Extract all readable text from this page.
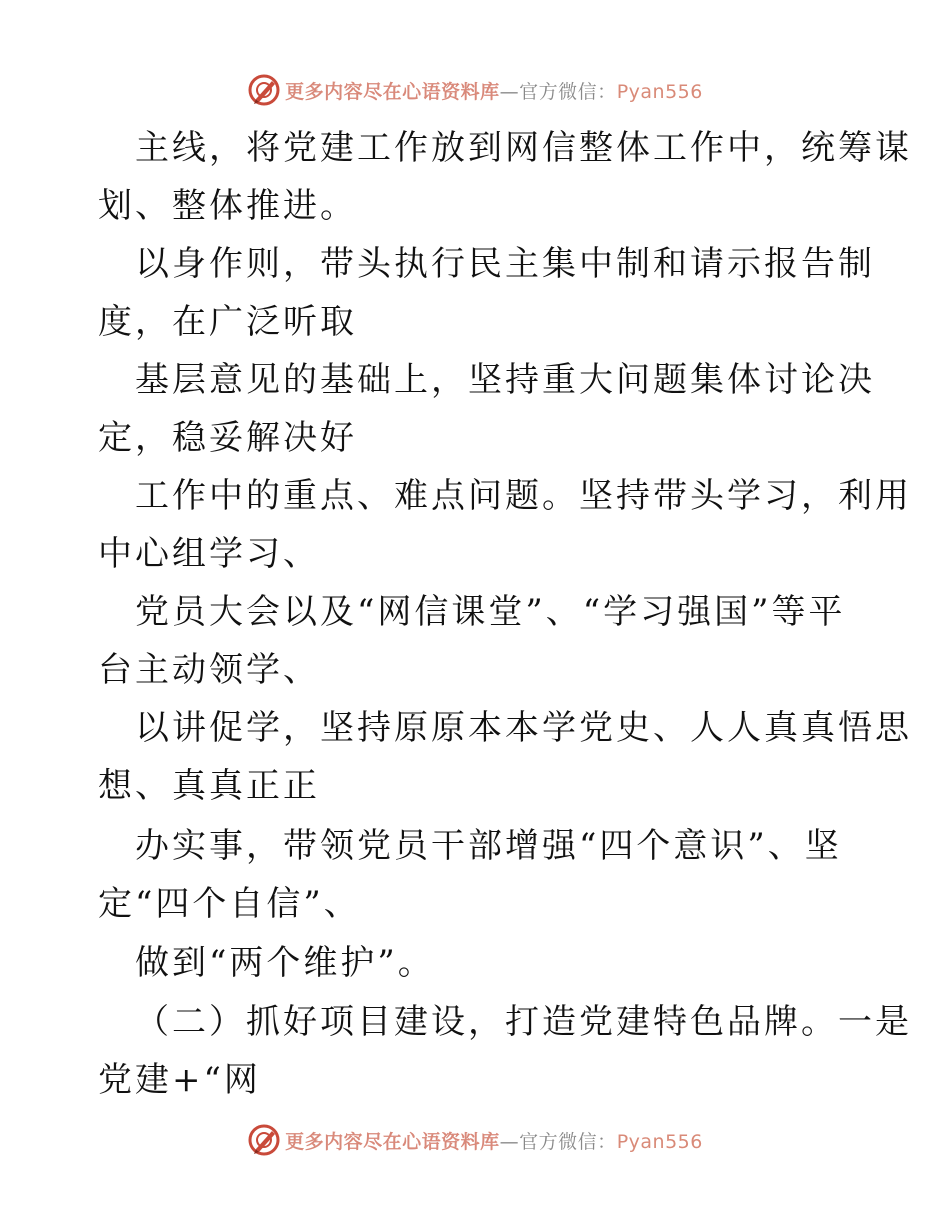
更多内容尽在心语资料库—官方微信：Pyan556
主线，将党建工作放到网信整体工作中，统筹谋
划、整体推进。
以身作则，带头执行民主集中制和请示报告制
度，在广泛听取
基层意见的基础上，坚持重大问题集体讨论决
定，稳妥解决好
工作中的重点、难点问题。坚持带头学习，利用
中心组学习、
党员大会以及“网信课堂”、“学习强国”等平
台主动领学、
以讲促学，坚持原原本本学党史、人人真真悟思
想、真真正正
办实事，带领党员干部增强“四个意识”、坚
定“四个自信”、
做到“两个维护”。
（二）抓好项目建设，打造党建特色品牌。一是
党建+“网
更多内容尽在心语资料库—官方微信：Pyan556
